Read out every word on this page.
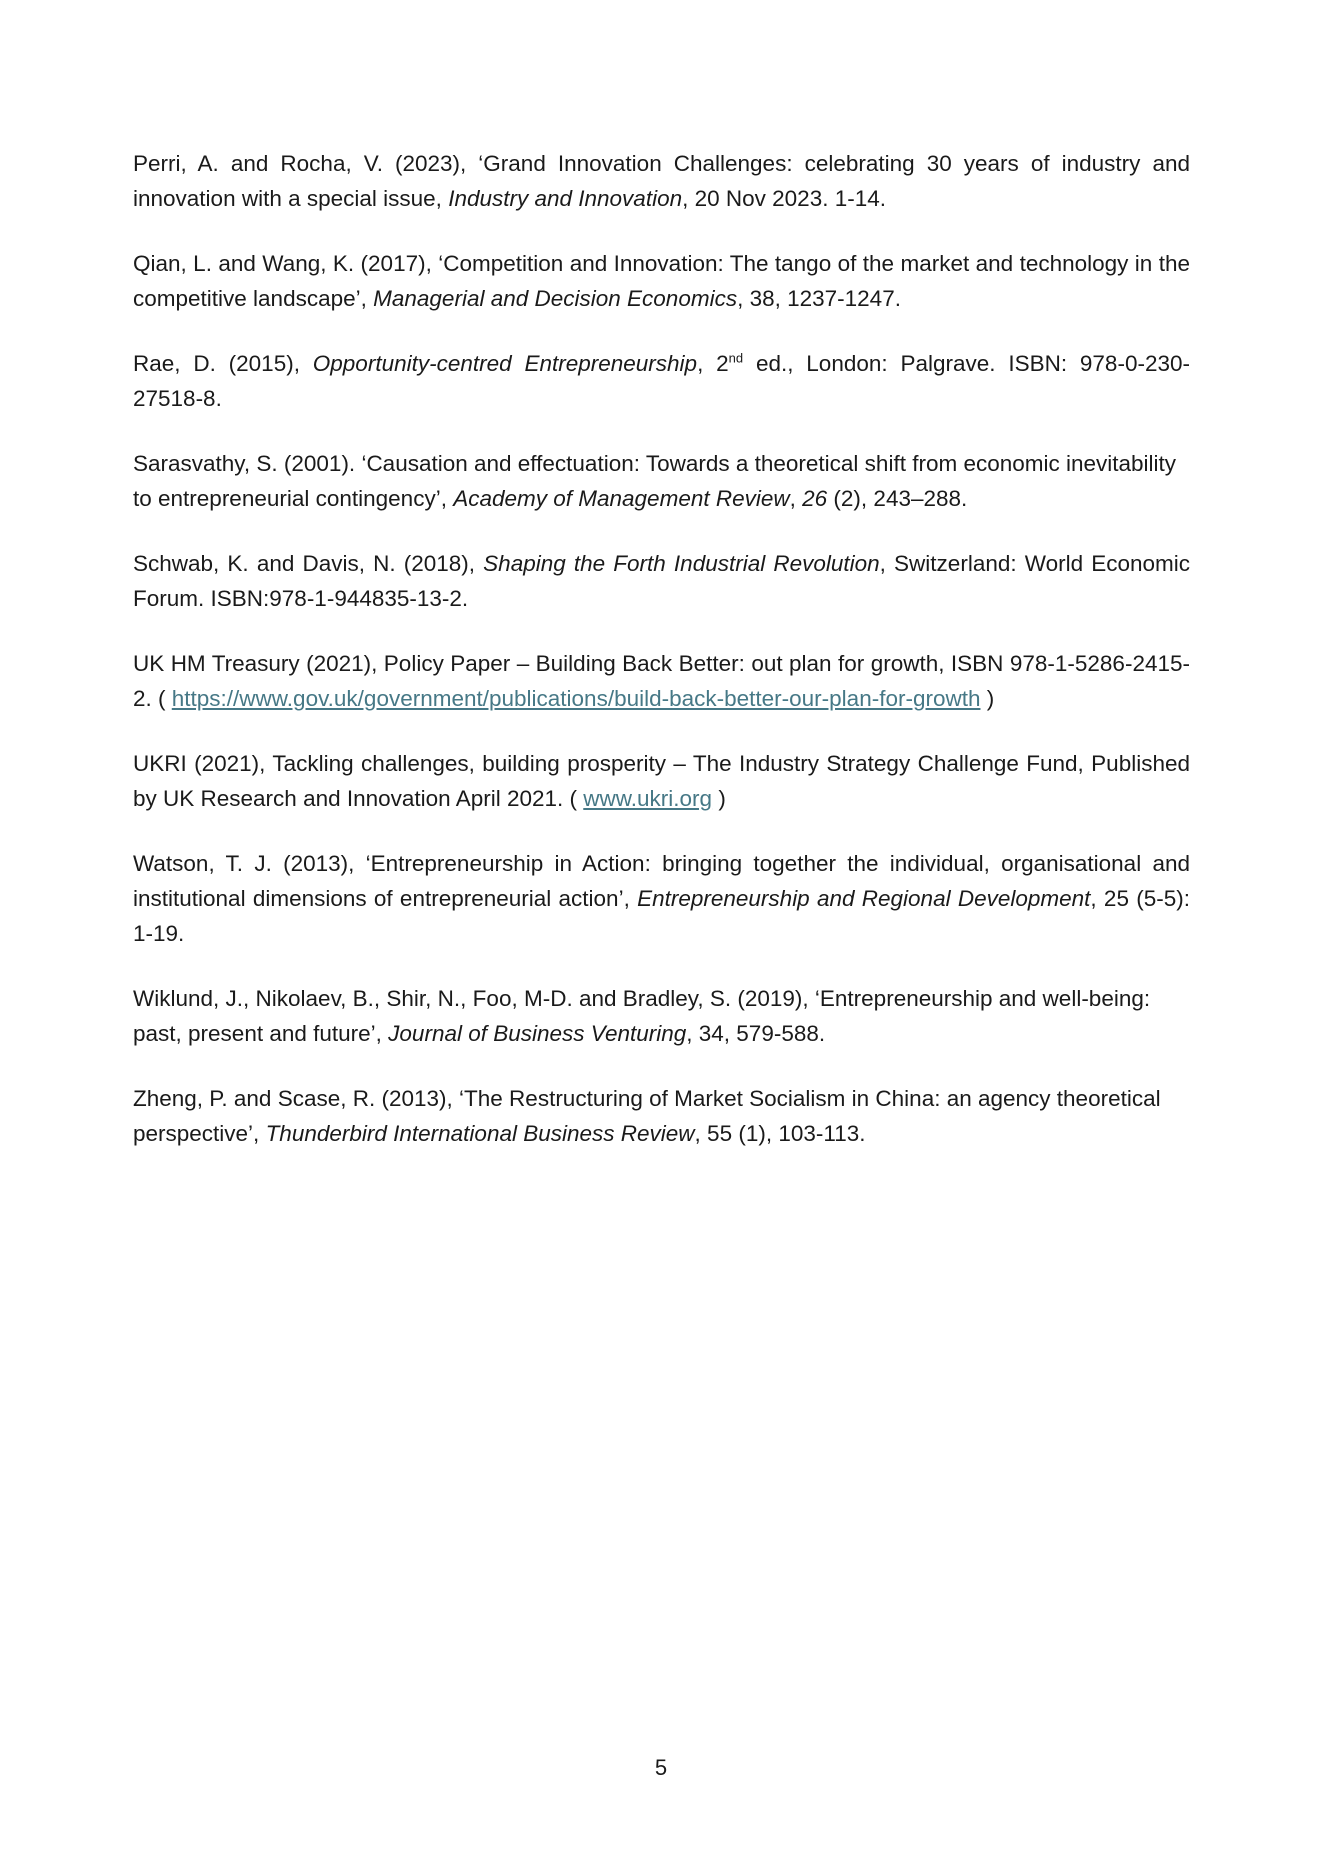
Perri, A. and Rocha, V. (2023), ‘Grand Innovation Challenges: celebrating 30 years of industry and innovation with a special issue, Industry and Innovation, 20 Nov 2023. 1-14.

Qian, L. and Wang, K. (2017), ‘Competition and Innovation: The tango of the market and technology in the competitive landscape’, Managerial and Decision Economics, 38, 1237-1247.

Rae, D. (2015), Opportunity-centred Entrepreneurship, 2nd ed., London: Palgrave. ISBN: 978-0-230-27518-8.

Sarasvathy, S. (2001). ‘Causation and effectuation: Towards a theoretical shift from economic inevitability to entrepreneurial contingency’, Academy of Management Review, 26 (2), 243–288.

Schwab, K. and Davis, N. (2018), Shaping the Forth Industrial Revolution, Switzerland: World Economic Forum. ISBN:978-1-944835-13-2.

UK HM Treasury (2021), Policy Paper – Building Back Better: out plan for growth, ISBN 978-1-5286-2415-2. ( https://www.gov.uk/government/publications/build-back-better-our-plan-for-growth )

UKRI (2021), Tackling challenges, building prosperity – The Industry Strategy Challenge Fund, Published by UK Research and Innovation April 2021. ( www.ukri.org )

Watson, T. J. (2013), ‘Entrepreneurship in Action: bringing together the individual, organisational and institutional dimensions of entrepreneurial action’, Entrepreneurship and Regional Development, 25 (5-5): 1-19.

Wiklund, J., Nikolaev, B., Shir, N., Foo, M-D. and Bradley, S. (2019), ‘Entrepreneurship and well-being: past, present and future’, Journal of Business Venturing, 34, 579-588.

Zheng, P. and Scase, R. (2013), ‘The Restructuring of Market Socialism in China: an agency theoretical perspective’, Thunderbird International Business Review, 55 (1), 103-113.

5
